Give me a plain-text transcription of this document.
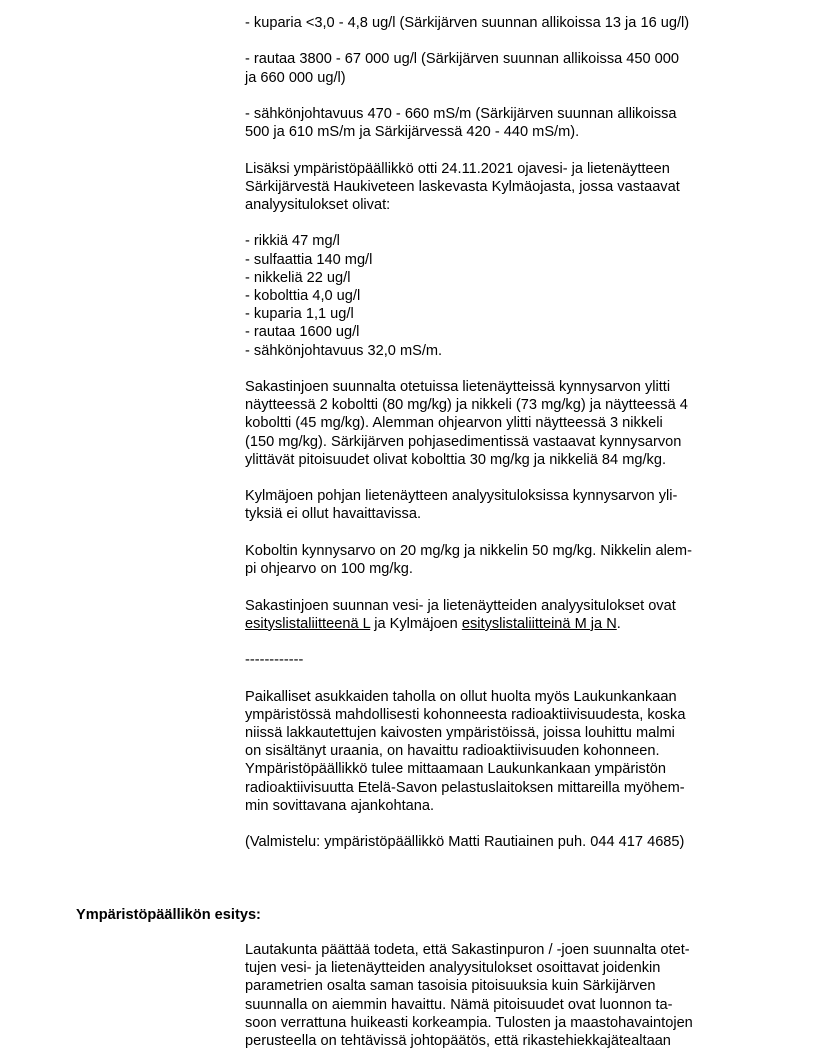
- kuparia <3,0 - 4,8 ug/l (Särkijärven suunnan allikoissa 13 ja 16 ug/l)

- rautaa 3800 - 67 000 ug/l (Särkijärven suunnan allikoissa 450 000
ja 660 000 ug/l)

- sähkönjohtavuus 470 - 660 mS/m (Särkijärven suunnan allikoissa
500 ja 610 mS/m ja Särkijärvessä 420 - 440 mS/m).

Lisäksi ympäristöpäällikkö otti 24.11.2021 ojavesi- ja lietenäytteen
Särkijärvestä Haukiveteen laskevasta Kylmäojasta, jossa vastaavat
analyysitulokset olivat:

- rikkiä 47 mg/l
- sulfaattia 140 mg/l
- nikkeliä 22 ug/l
- kobolttia 4,0 ug/l
- kuparia 1,1 ug/l
- rautaa 1600 ug/l
- sähkönjohtavuus 32,0 mS/m.

Sakastinjoen suunnalta otetuissa lietenäytteissä kynnysarvon ylitti
näytteessä 2 koboltti (80 mg/kg) ja nikkeli (73 mg/kg) ja näytteessä 4
koboltti (45 mg/kg). Alemman ohjearvon ylitti näytteessä 3 nikkeli
(150 mg/kg). Särkijärven pohjasedimentissä vastaavat kynnysarvon
ylittävät pitoisuudet olivat kobolttia 30 mg/kg ja nikkeliä 84 mg/kg.

Kylmäjoen pohjan lietenäytteen analyysituloksissa kynnysarvon yli-
tyksiä ei ollut havaittavissa.

Koboltin kynnysarvo on 20 mg/kg ja nikkelin 50 mg/kg. Nikkelin alem-
pi ohjearvo on 100 mg/kg.

Sakastinjoen suunnan vesi- ja lietenäytteiden analyysitulokset ovat
esityslistaliitteenä L ja Kylmäjoen esityslistaliitteinä M ja N.

------------

Paikalliset asukkaiden taholla on ollut huolta myös Laukunkankaan
ympäristössä mahdollisesti kohonneesta radioaktiivisuudesta, koska
niissä lakkautettujen kaivosten ympäristöissä, joissa louhittu malmi
on sisältänyt uraania, on havaittu radioaktiivisuuden kohonneen.
Ympäristöpäällikkö tulee mittaamaan Laukunkankaan ympäristön
radioaktiivisuutta Etelä-Savon pelastuslaitoksen mittareilla myöhem-
min sovittavana ajankohtana.

(Valmistelu: ympäristöpäällikkö Matti Rautiainen puh. 044 417 4685)
Ympäristöpäällikön esitys:
Lautakunta päättää todeta, että Sakastinpuron / -joen suunnalta otet-
tujen vesi- ja lietenäytteiden analyysitulokset osoittavat joidenkin
parametrien osalta saman tasoisia pitoisuuksia kuin Särkijärven
suunnalla on aiemmin havaittu. Nämä pitoisuudet ovat luonnon ta-
soon verrattuna huikeasti korkeampia. Tulosten ja maastohavaintojen
perusteella on tehtävissä johtopäätös, että rikastehiekkajätealtaan
